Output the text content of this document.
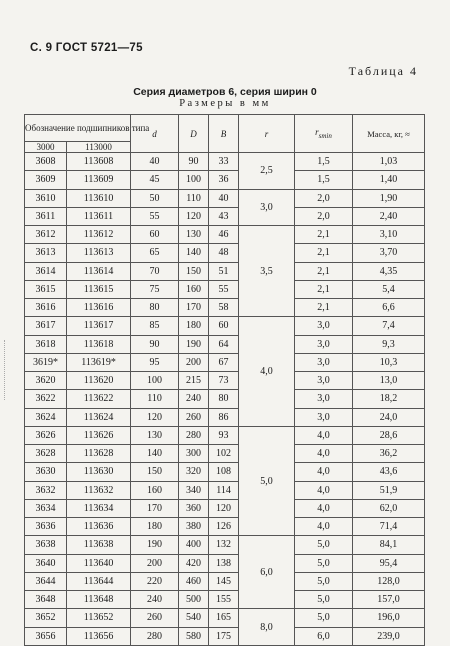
С. 9 ГОСТ 5721—75
Таблица 4
Серия диаметров 6, серия ширин 0
Размеры в мм
Обозначение подшипников типа		d	D	B	r	$r_{smin}$	Масса, кг, ≈
3000	113000						
3608	113608	40	90	33	2,5	1,5	1,03
3609	113609	45	100	36		1,5	1,40
3610	113610	50	110	40	3,0	2,0	1,90
3611	113611	55	120	43		2,0	2,40
3612	113612	60	130	46	3,5	2,1	3,10
3613	113613	65	140	48		2,1	3,70
3614	113614	70	150	51		2,1	4,35
3615	113615	75	160	55		2,1	5,4
3616	113616	80	170	58		2,1	6,6
3617	113617	85	180	60	4,0	3,0	7,4
3618	113618	90	190	64		3,0	9,3
3619*	113619*	95	200	67		3,0	10,3
3620	113620	100	215	73		3,0	13,0
3622	113622	110	240	80		3,0	18,2
3624	113624	120	260	86		3,0	24,0
3626	113626	130	280	93	5,0	4,0	28,6
3628	113628	140	300	102		4,0	36,2
3630	113630	150	320	108		4,0	43,6
3632	113632	160	340	114		4,0	51,9
3634	113634	170	360	120		4,0	62,0
3636	113636	180	380	126		4,0	71,4
3638	113638	190	400	132	6,0	5,0	84,1
3640	113640	200	420	138		5,0	95,4
3644	113644	220	460	145		5,0	128,0
3648	113648	240	500	155		5,0	157,0
3652	113652	260	540	165	8,0	5,0	196,0
3656	113656	280	580	175		6,0	239,0
